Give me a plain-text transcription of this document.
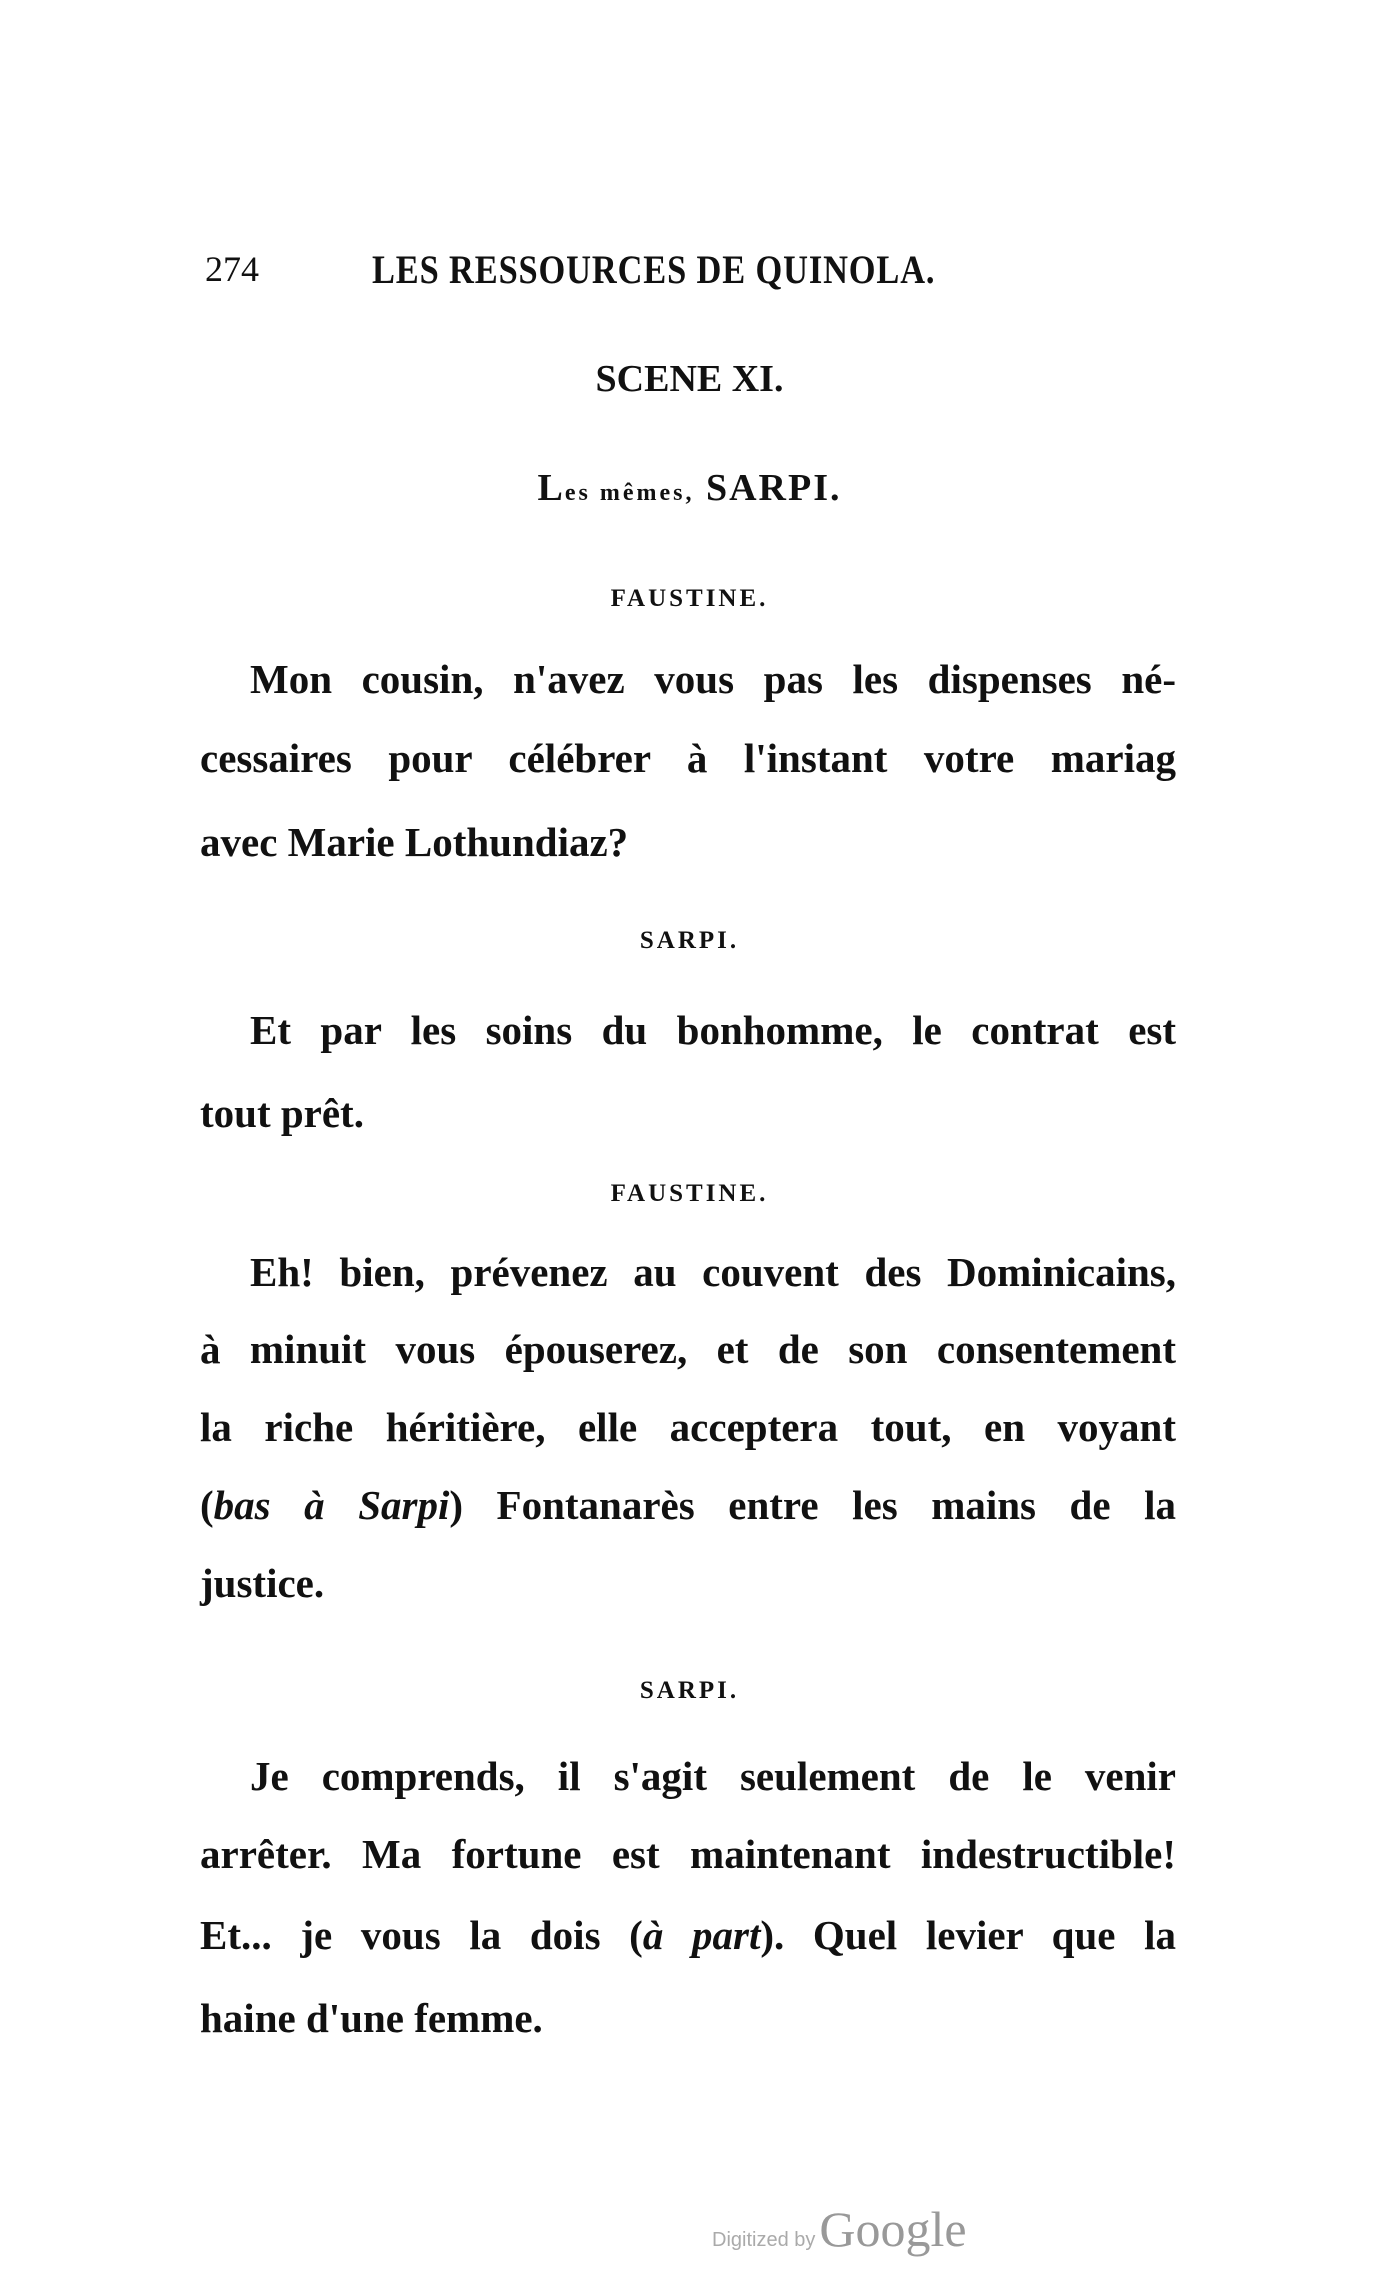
274	LES RESSOURCES DE QUINOLA.
SCENE XI.
Les mêmes, SARPI.
FAUSTINE.
Mon cousin, n'avez vous pas les dispenses né-
cessaires pour célébrer à l'instant votre mariag
avec Marie Lothundiaz?
SARPI.
Et par les soins du bonhomme, le contrat est
tout prêt.
FAUSTINE.
Eh! bien, prévenez au couvent des Dominicains,
à minuit vous épouserez, et de son consentement
la riche héritière, elle acceptera tout, en voyant
(bas à Sarpi) Fontanarès entre les mains de la
justice.
SARPI.
Je comprends, il s'agit seulement de le venir
arrêter. Ma fortune est maintenant indestructible!
Et... je vous la dois (à part). Quel levier que la
haine d'une femme.
Digitized by Google
